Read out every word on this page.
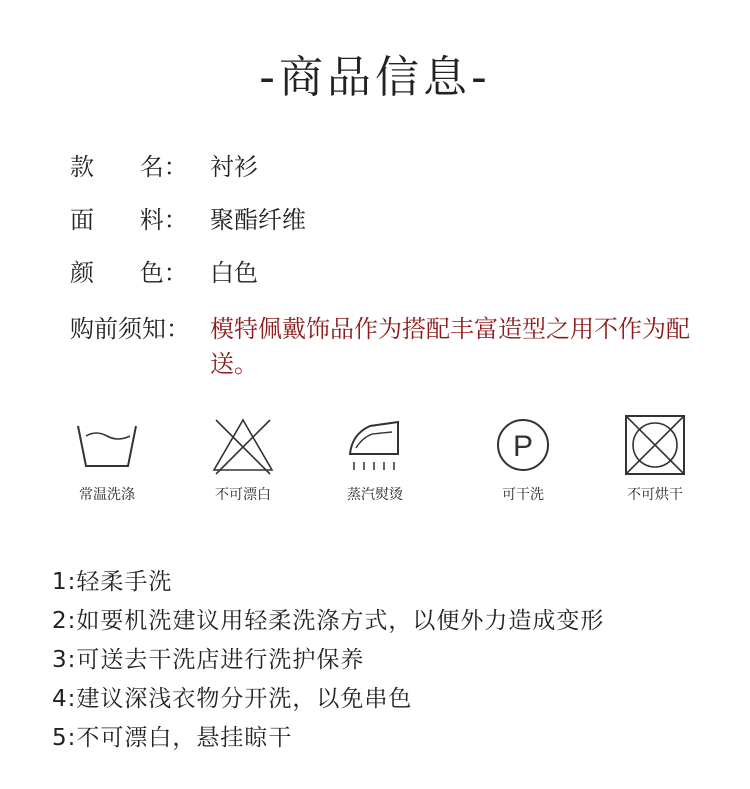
-商品信息-
款      名： 衬衫
面      料： 聚酯纤维
颜      色： 白色
购前须知： 模特佩戴饰品作为搭配丰富造型之用不作为配送。
常温洗涤	不可漂白	蒸汽熨烫
P
可干洗	不可烘干
1:轻柔手洗
2:如要机洗建议用轻柔洗涤方式，以便外力造成变形
3:可送去干洗店进行洗护保养
4:建议深浅衣物分开洗，以免串色
5:不可漂白，悬挂晾干
